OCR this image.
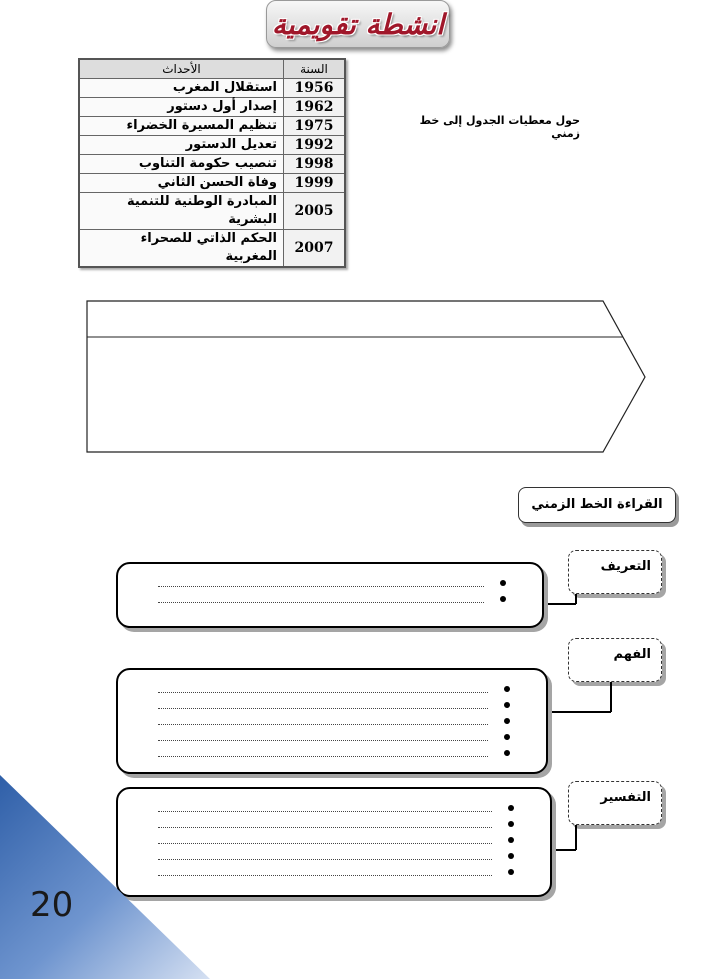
انشطة تقويمية
السنة	الأحداث
1956	استقلال المغرب
1962	إصدار أول دستور
1975	تنظيم المسيرة الخضراء
1992	تعديل الدستور
1998	تنصيب حكومة التناوب
1999	وفاة الحسن الثاني
2005	المبادرة الوطنية للتنمية البشرية
2007	الحكم الذاتي للصحراء المغربية
حول معطيات الجدول إلى خط زمني
القراءة الخط الزمني
التعريف
الفهم
التفسير
20
